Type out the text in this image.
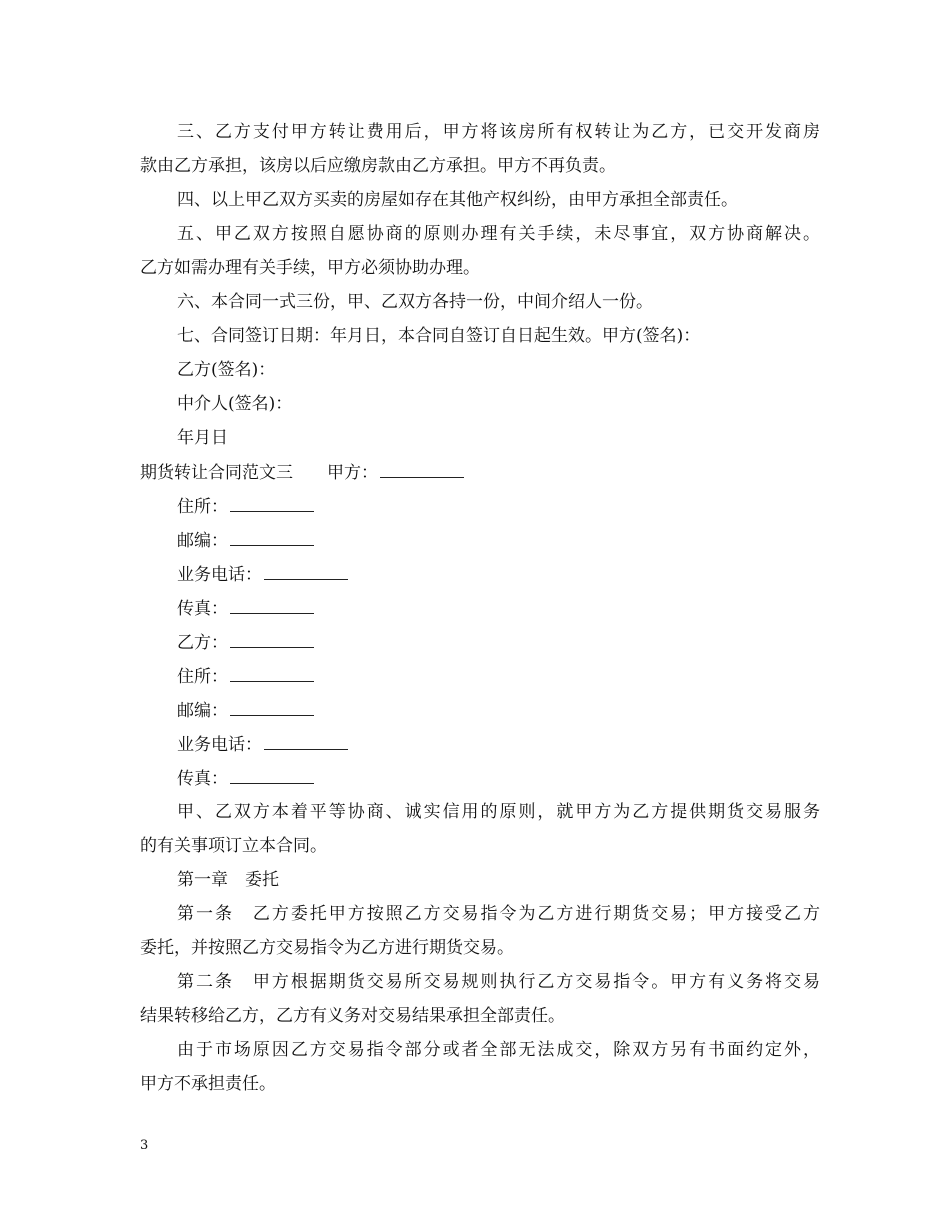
三、乙方支付甲方转让费用后，甲方将该房所有权转让为乙方，已交开发商房
款由乙方承担，该房以后应缴房款由乙方承担。甲方不再负责。
四、以上甲乙双方买卖的房屋如存在其他产权纠纷，由甲方承担全部责任。
五、甲乙双方按照自愿协商的原则办理有关手续，未尽事宜，双方协商解决。
乙方如需办理有关手续，甲方必须协助办理。
六、本合同一式三份，甲、乙双方各持一份，中间介绍人一份。
七、合同签订日期：年月日，本合同自签订自日起生效。甲方(签名)：
乙方(签名)：
中介人(签名)：
年月日
期货转让合同范文三 甲方：
住所：
邮编：
业务电话：
传真：
乙方：
住所：
邮编：
业务电话：
传真：
甲、乙双方本着平等协商、诚实信用的原则，就甲方为乙方提供期货交易服务
的有关事项订立本合同。
第一章　委托
第一条　乙方委托甲方按照乙方交易指令为乙方进行期货交易；甲方接受乙方
委托，并按照乙方交易指令为乙方进行期货交易。
第二条　甲方根据期货交易所交易规则执行乙方交易指令。甲方有义务将交易
结果转移给乙方，乙方有义务对交易结果承担全部责任。
由于市场原因乙方交易指令部分或者全部无法成交，除双方另有书面约定外，
甲方不承担责任。
3
